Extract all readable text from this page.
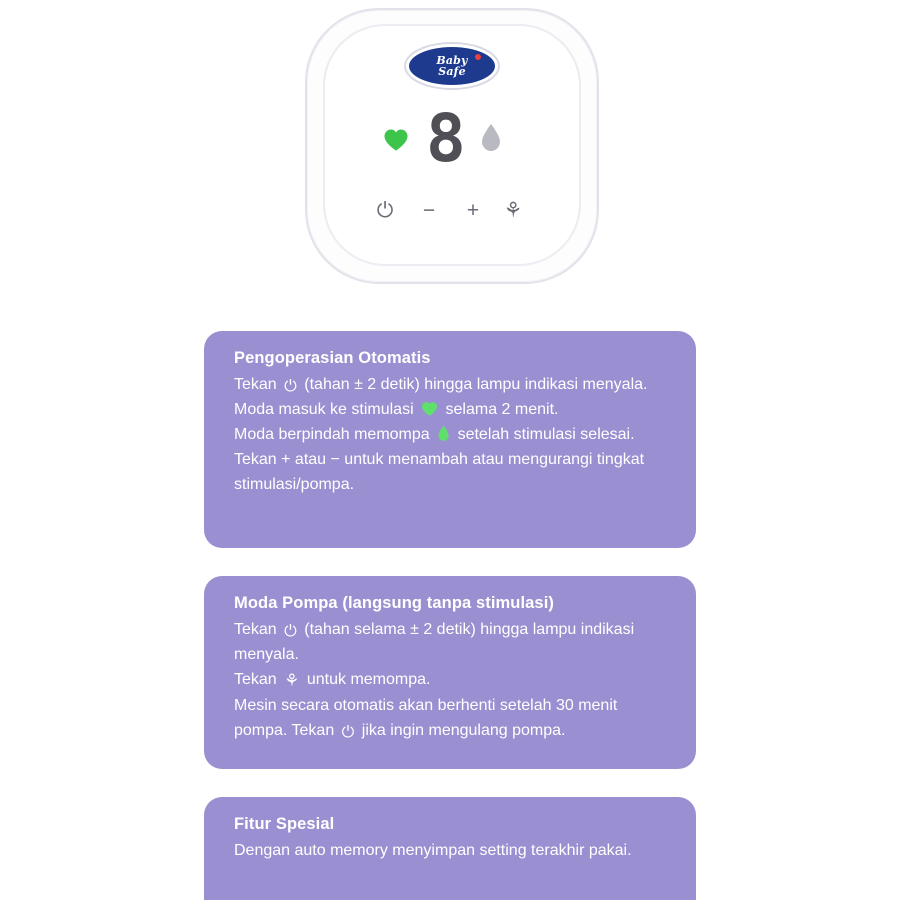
Baby
Safe
8
⏻	−	+	⚘
Pengoperasian Otomatis

Tekan ⏻ (tahan ± 2 detik) hingga lampu indikasi menyala.

Moda masuk ke stimulasi selama 2 menit.

Moda berpindah memompa setelah stimulasi selesai.

Tekan + atau − untuk menambah atau mengurangi tingkat stimulasi/pompa.

Moda Pompa (langsung tanpa stimulasi)

Tekan ⏻ (tahan selama ± 2 detik) hingga lampu indikasi menyala.

Tekan ⚘ untuk memompa.

Mesin secara otomatis akan berhenti setelah 30 menit pompa. Tekan ⏻ jika ingin mengulang pompa.

Fitur Spesial

Dengan auto memory menyimpan setting terakhir pakai.
